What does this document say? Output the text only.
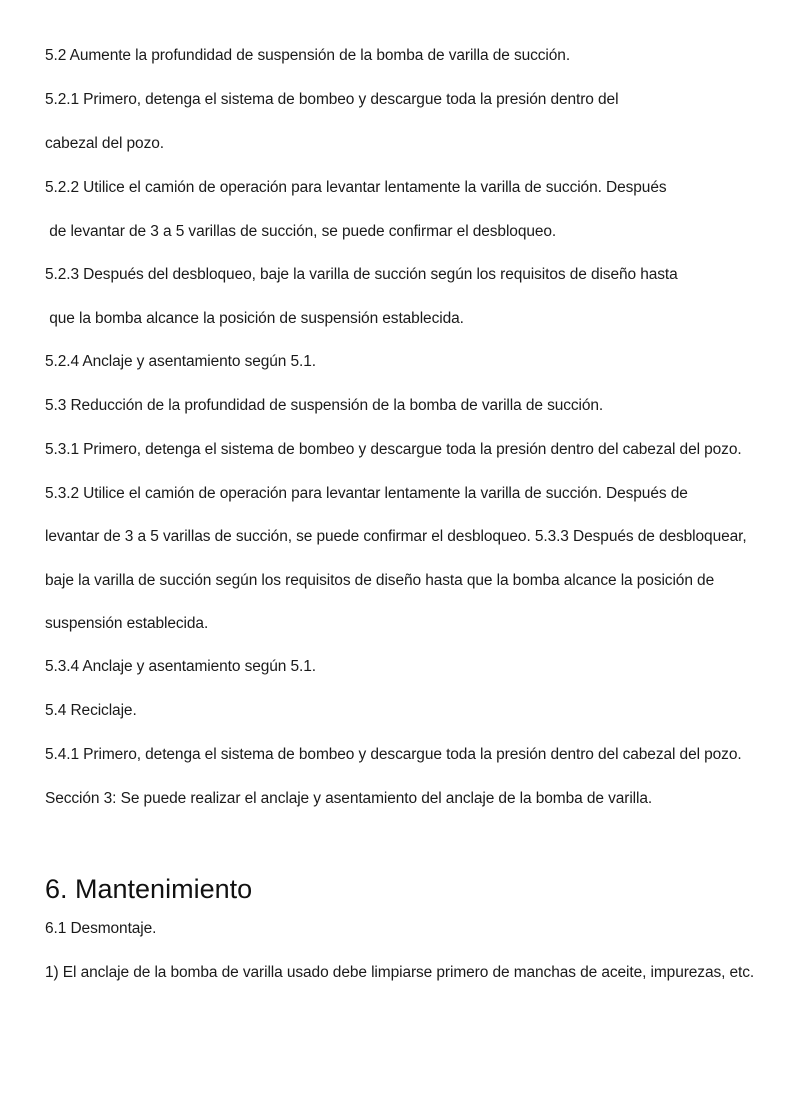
5.2 Aumente la profundidad de suspensión de la bomba de varilla de succión.
5.2.1 Primero, detenga el sistema de bombeo y descargue toda la presión dentro del
cabezal del pozo.
5.2.2 Utilice el camión de operación para levantar lentamente la varilla de succión. Después
de levantar de 3 a 5 varillas de succión, se puede confirmar el desbloqueo.
5.2.3 Después del desbloqueo, baje la varilla de succión según los requisitos de diseño hasta
que la bomba alcance la posición de suspensión establecida.
5.2.4 Anclaje y asentamiento según 5.1.
5.3 Reducción de la profundidad de suspensión de la bomba de varilla de succión.
5.3.1 Primero, detenga el sistema de bombeo y descargue toda la presión dentro del cabezal del pozo.
5.3.2 Utilice el camión de operación para levantar lentamente la varilla de succión. Después de
levantar de 3 a 5 varillas de succión, se puede confirmar el desbloqueo. 5.3.3 Después de desbloquear,
baje la varilla de succión según los requisitos de diseño hasta que la bomba alcance la posición de
suspensión establecida.
5.3.4 Anclaje y asentamiento según 5.1.
5.4 Reciclaje.
5.4.1 Primero, detenga el sistema de bombeo y descargue toda la presión dentro del cabezal del pozo.
Sección 3: Se puede realizar el anclaje y asentamiento del anclaje de la bomba de varilla.
6. Mantenimiento
6.1 Desmontaje.
1) El anclaje de la bomba de varilla usado debe limpiarse primero de manchas de aceite, impurezas, etc.
